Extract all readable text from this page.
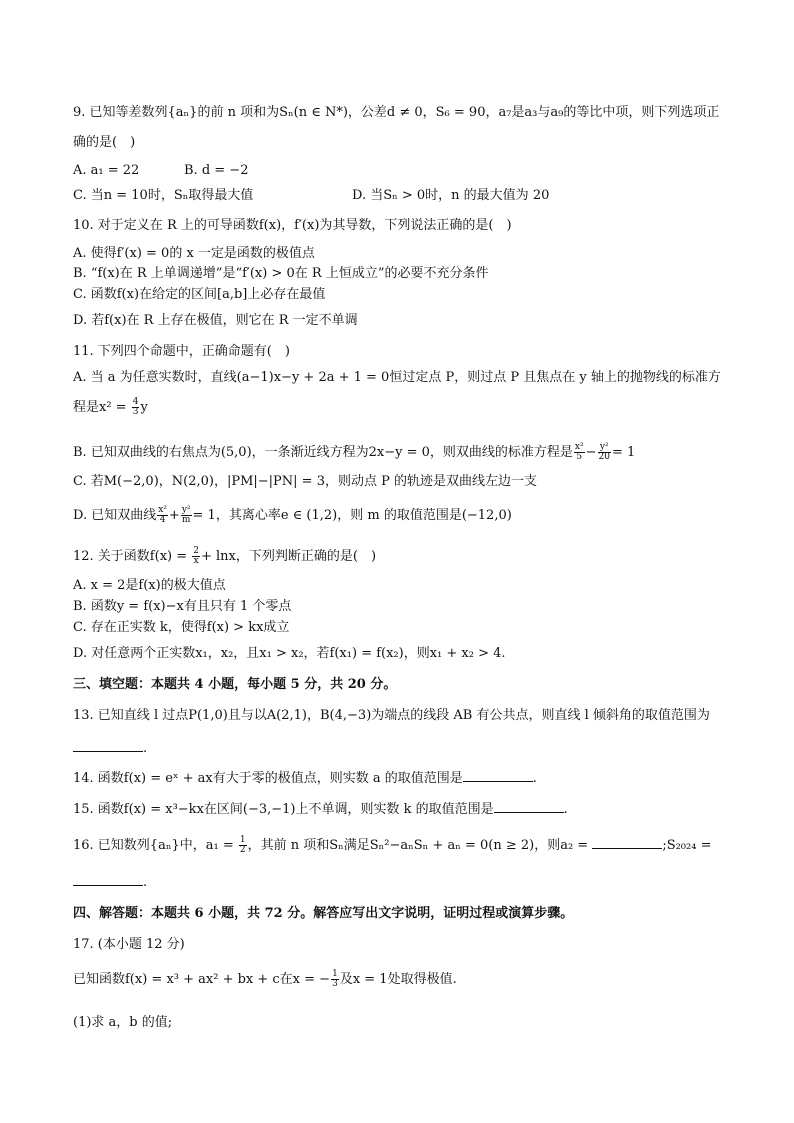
9. 已知等差数列{aₙ}的前 n 项和为Sₙ(n ∈ N*)，公差d ≠ 0，S₆ = 90，a₇是a₃与a₉的等比中项，则下列选项正
确的是(　)
A. a₁ = 22	B. d = −2
C. 当n = 10时，Sₙ取得最大值	D. 当Sₙ > 0时，n 的最大值为 20
10. 对于定义在 R 上的可导函数f(x)，f′(x)为其导数，下列说法正确的是(　)
A. 使得f′(x) = 0的 x 一定是函数的极值点
B. “f(x)在 R 上单调递增”是“f′(x) > 0在 R 上恒成立”的必要不充分条件
C. 函数f(x)在给定的区间[a,b]上必存在最值
D. 若f(x)在 R 上存在极值，则它在 R 一定不单调
11. 下列四个命题中，正确命题有(　)
A. 当 a 为任意实数时，直线(a−1)x−y + 2a + 1 = 0恒过定点 P，则过点 P 且焦点在 y 轴上的抛物线的标准方
程是$x^2 = \frac{4}{3}$ y
B. 已知双曲线的右焦点为(5,0)，一条渐近线方程为2x−y = 0，则双曲线的标准方程是 $\frac{\text{x²}}{5} - \frac{\text{y²}}{20} = 1$
C. 若M(−2,0)，N(2,0)，|PM|−|PN| = 3，则动点 P 的轨迹是双曲线左边一支
D. 已知双曲线 $\frac{\text{x²}}{4} + \frac{\text{y²}}{m} = 1$，其离心率e ∈ (1,2)，则 m 的取值范围是(−12,0)
12. 关于函数$f(x) = \frac{2}{x} + \ln x$，下列判断正确的是(　)
A. x = 2是f(x)的极大值点
B. 函数y = f(x)−x有且只有 1 个零点
C. 存在正实数 k，使得f(x) > kx成立
D. 对任意两个正实数x₁，x₂，且x₁ > x₂，若f(x₁) = f(x₂)，则x₁ + x₂ > 4.
三、填空题：本题共 4 小题，每小题 5 分，共 20 分。
13. 已知直线 l 过点P(1,0)且与以A(2,1)，B(4,−3)为端点的线段 AB 有公共点，则直线 l 倾斜角的取值范围为
.
14. 函数f(x) = eˣ + ax有大于零的极值点，则实数 a 的取值范围是	.
15. 函数f(x) = x³−kx在区间(−3,−1)上不单调，则实数 k 的取值范围是	.
16. 已知数列{aₙ}中，$a_1 = \frac{1}{2}$ ，其前 n 项和Sₙ满足Sₙ²−aₙSₙ + aₙ = 0(n ≥ 2)，则a₂ =	;S₂₀₂₄ =
.
四、解答题：本题共 6 小题，共 72 分。解答应写出文字说明，证明过程或演算步骤。
17. (本小题 12 分)
已知函数f(x) = x³ + ax² + bx + c在x = − $\frac{1}{3}$ 及x = 1处取得极值.
(1)求 a，b 的值;
